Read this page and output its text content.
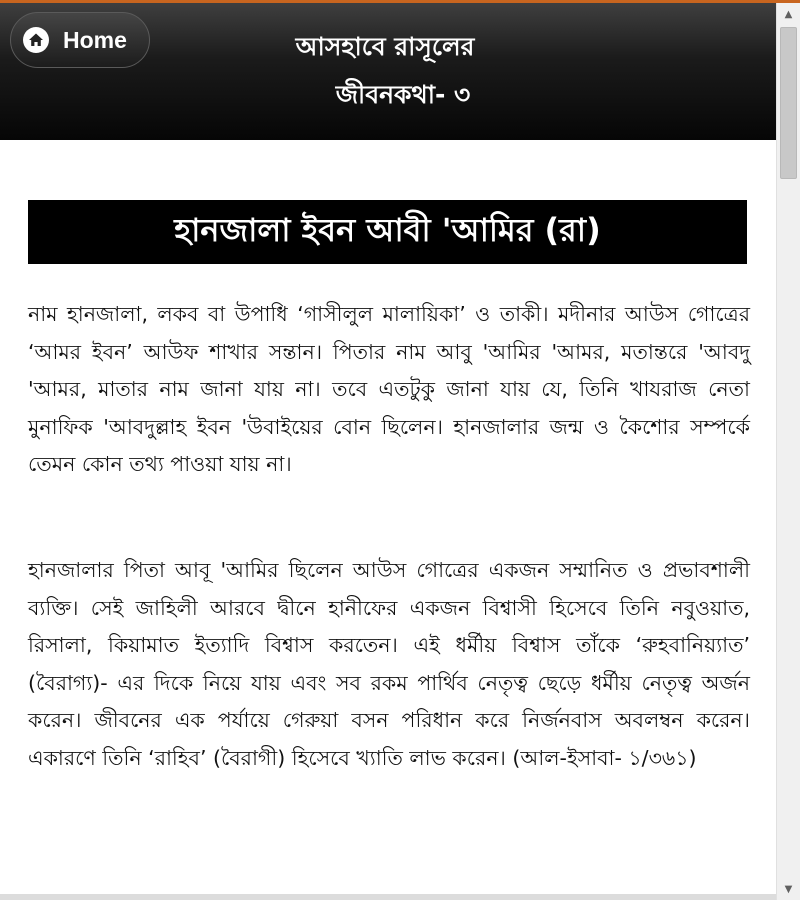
Home	আসহাবে রাসূলের
জীবনকথা- ৩
হানজালা ইবন আবী 'আমির (রা)

নাম হানজালা, লকব বা উপাধি ‘গাসীলুল মালায়িকা’ ও তাকী। মদীনার আউস গোত্রের ‘আমর ইবন’ আউফ শাখার সন্তান। পিতার নাম আবু 'আমির 'আমর, মতান্তরে 'আবদু 'আমর, মাতার নাম জানা যায় না। তবে এতটুকু জানা যায় যে, তিনি খাযরাজ নেতা মুনাফিক 'আবদুল্লাহ ইবন 'উবাইয়ের বোন ছিলেন। হানজালার জন্ম ও কৈশোর সম্পর্কে তেমন কোন তথ্য পাওয়া যায় না।

হানজালার পিতা আবূ 'আমির ছিলেন আউস গোত্রের একজন সম্মানিত ও প্রভাবশালী ব্যক্তি। সেই জাহিলী আরবে দ্বীনে হানীফের একজন বিশ্বাসী হিসেবে তিনি নবুওয়াত, রিসালা, কিয়ামাত ইত্যাদি বিশ্বাস করতেন। এই ধর্মীয় বিশ্বাস তাঁকে ‘রুহবানিয়্যাত’ (বৈরাগ্য)- এর দিকে নিয়ে যায় এবং সব রকম পার্থিব নেতৃত্ব ছেড়ে ধর্মীয় নেতৃত্ব অর্জন করেন। জীবনের এক পর্যায়ে গেরুয়া বসন পরিধান করে নির্জনবাস অবলম্বন করেন। একারণে তিনি ‘রাহিব’ (বৈরাগী) হিসেবে খ্যাতি লাভ করেন। (আল-ইসাবা- ১/৩৬১)

▲
▼
